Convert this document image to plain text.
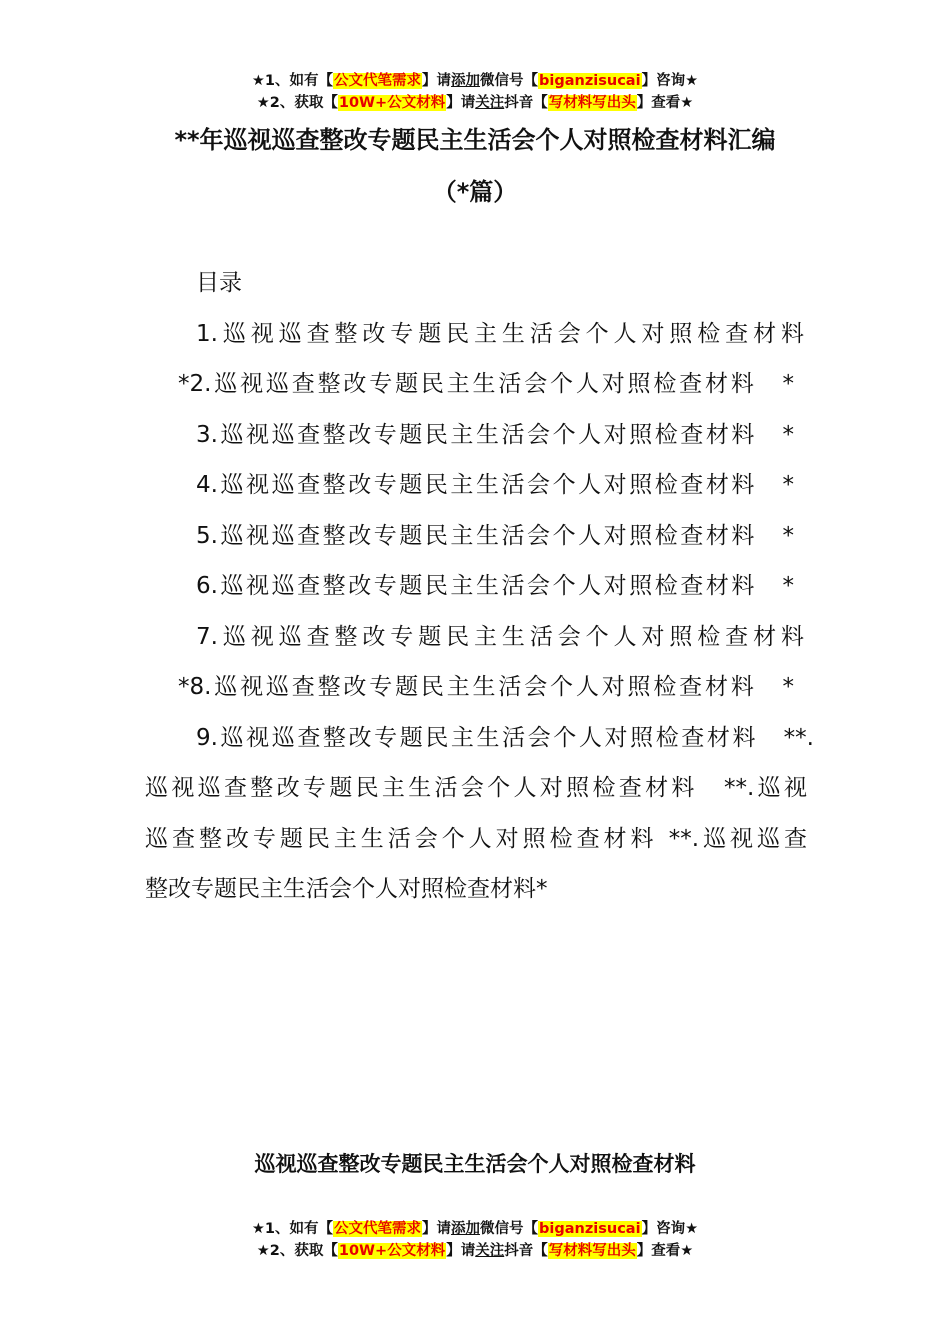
★1、如有【公文代笔需求】请添加微信号【biganzisucai】咨询★
★2、获取【10W+公文材料】请关注抖音【写材料写出头】查看★
**年巡视巡查整改专题民主生活会个人对照检查材料汇编
（*篇）
目录
1.巡视巡查整改专题民主生活会个人对照检查材料
*2.巡视巡查整改专题民主生活会个人对照检查材料　*
3.巡视巡查整改专题民主生活会个人对照检查材料　*
4.巡视巡查整改专题民主生活会个人对照检查材料　*
5.巡视巡查整改专题民主生活会个人对照检查材料　*
6.巡视巡查整改专题民主生活会个人对照检查材料　*
7.巡视巡查整改专题民主生活会个人对照检查材料
*8.巡视巡查整改专题民主生活会个人对照检查材料　*
9.巡视巡查整改专题民主生活会个人对照检查材料　**.
巡视巡查整改专题民主生活会个人对照检查材料　**.巡视
巡查整改专题民主生活会个人对照检查材料 **.巡视巡查
整改专题民主生活会个人对照检查材料*
巡视巡查整改专题民主生活会个人对照检查材料
★1、如有【公文代笔需求】请添加微信号【biganzisucai】咨询★
★2、获取【10W+公文材料】请关注抖音【写材料写出头】查看★
